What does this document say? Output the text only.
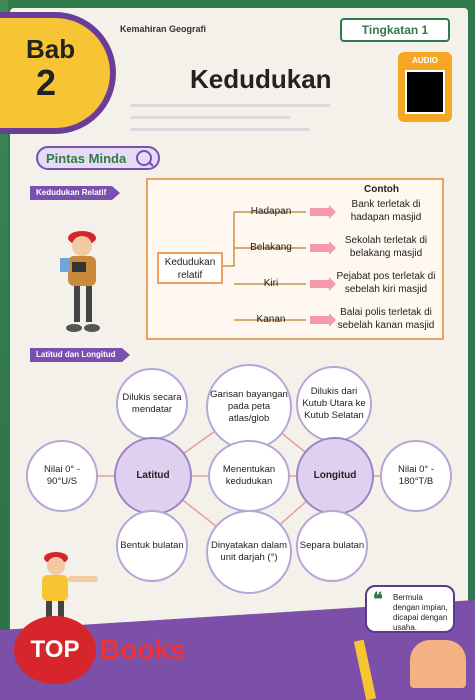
Bab
2
Kemahiran Geografi	Tingkatan 1
Kedudukan
AUDIO
Pintas Minda
Kedudukan Relatif	Contoh
Kedudukan relatif
Hadapan
Belakang
Kiri
Kanan
Bank terletak di hadapan masjid
Sekolah terletak di belakang masjid
Pejabat pos terletak di sebelah kiri masjid
Balai polis terletak di sebelah kanan masjid
Latitud dan Longitud
Dilukis secara mendatar
Garisan bayangan pada peta atlas/glob
Dilukis dari Kutub Utara ke Kutub Selatan
Nilai 0° - 90°U/S
Latitud
Menentukan kedudukan
Longitud
Nilai 0° - 180°T/B
Bentuk bulatan	Dinyatakan dalam unit darjah (°)
Separa bulatan
❝ Bermula dengan impian, dicapai dengan usaha.
TOP Books
